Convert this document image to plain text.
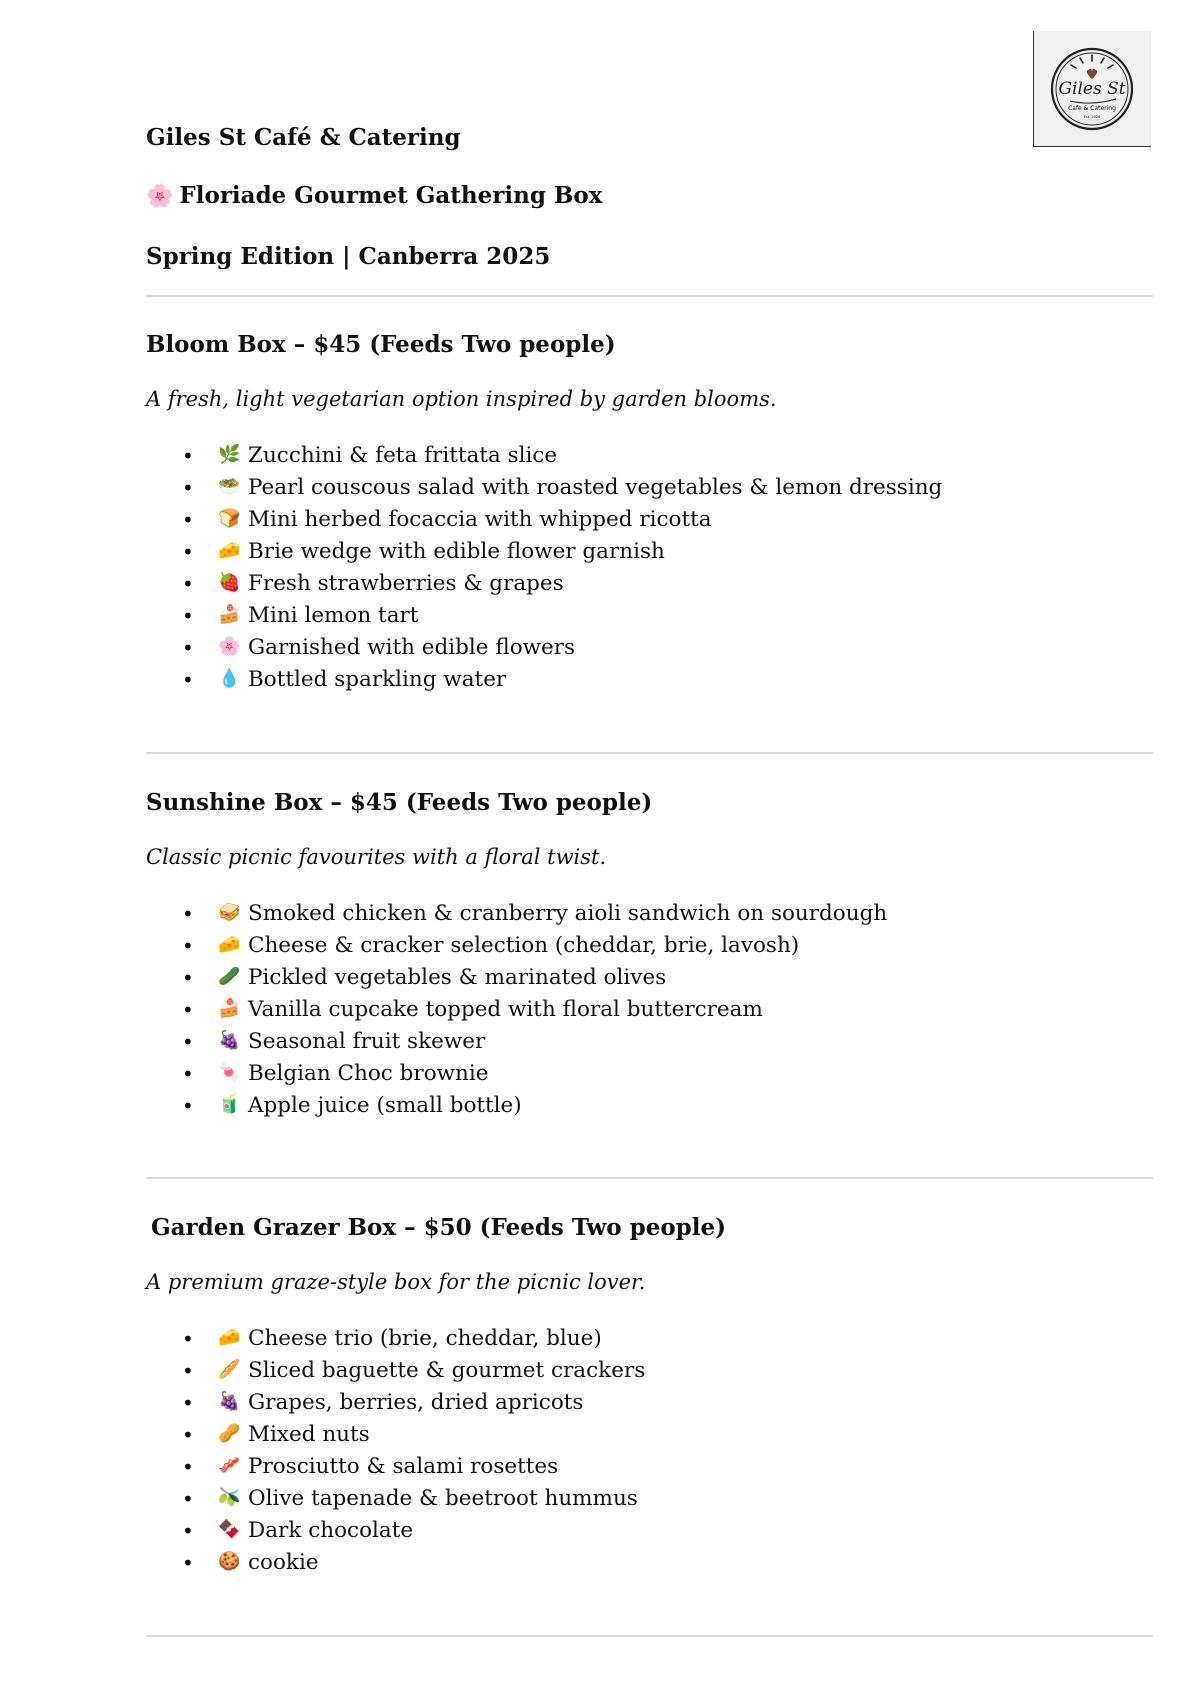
Giles St
Cafe & Catering
Est. 2020
Giles St Café & Catering
🌸 Floriade Gourmet Gathering Box
Spring Edition | Canberra 2025
Bloom Box – $45 (Feeds Two people)

A fresh, light vegetarian option inspired by garden blooms.

• 🌿 Zucchini & feta frittata slice
• 🥗 Pearl couscous salad with roasted vegetables & lemon dressing
• 🍞 Mini herbed focaccia with whipped ricotta
• 🧀 Brie wedge with edible flower garnish
• 🍓 Fresh strawberries & grapes
• 🍰 Mini lemon tart
• 🌸 Garnished with edible flowers
• 💧 Bottled sparkling water
Sunshine Box – $45 (Feeds Two people)

Classic picnic favourites with a floral twist.

• 🥪 Smoked chicken & cranberry aioli sandwich on sourdough
• 🧀 Cheese & cracker selection (cheddar, brie, lavosh)
• 🥒 Pickled vegetables & marinated olives
• 🍰 Vanilla cupcake topped with floral buttercream
• 🍇 Seasonal fruit skewer
• 🍬 Belgian Choc brownie
• 🧃 Apple juice (small bottle)
Garden Grazer Box – $50 (Feeds Two people)

A premium graze-style box for the picnic lover.

• 🧀 Cheese trio (brie, cheddar, blue)
• 🥖 Sliced baguette & gourmet crackers
• 🍇 Grapes, berries, dried apricots
• 🥜 Mixed nuts
• 🥓 Prosciutto & salami rosettes
• 🫒 Olive tapenade & beetroot hummus
• 🍫 Dark chocolate
• 🍪 cookie
